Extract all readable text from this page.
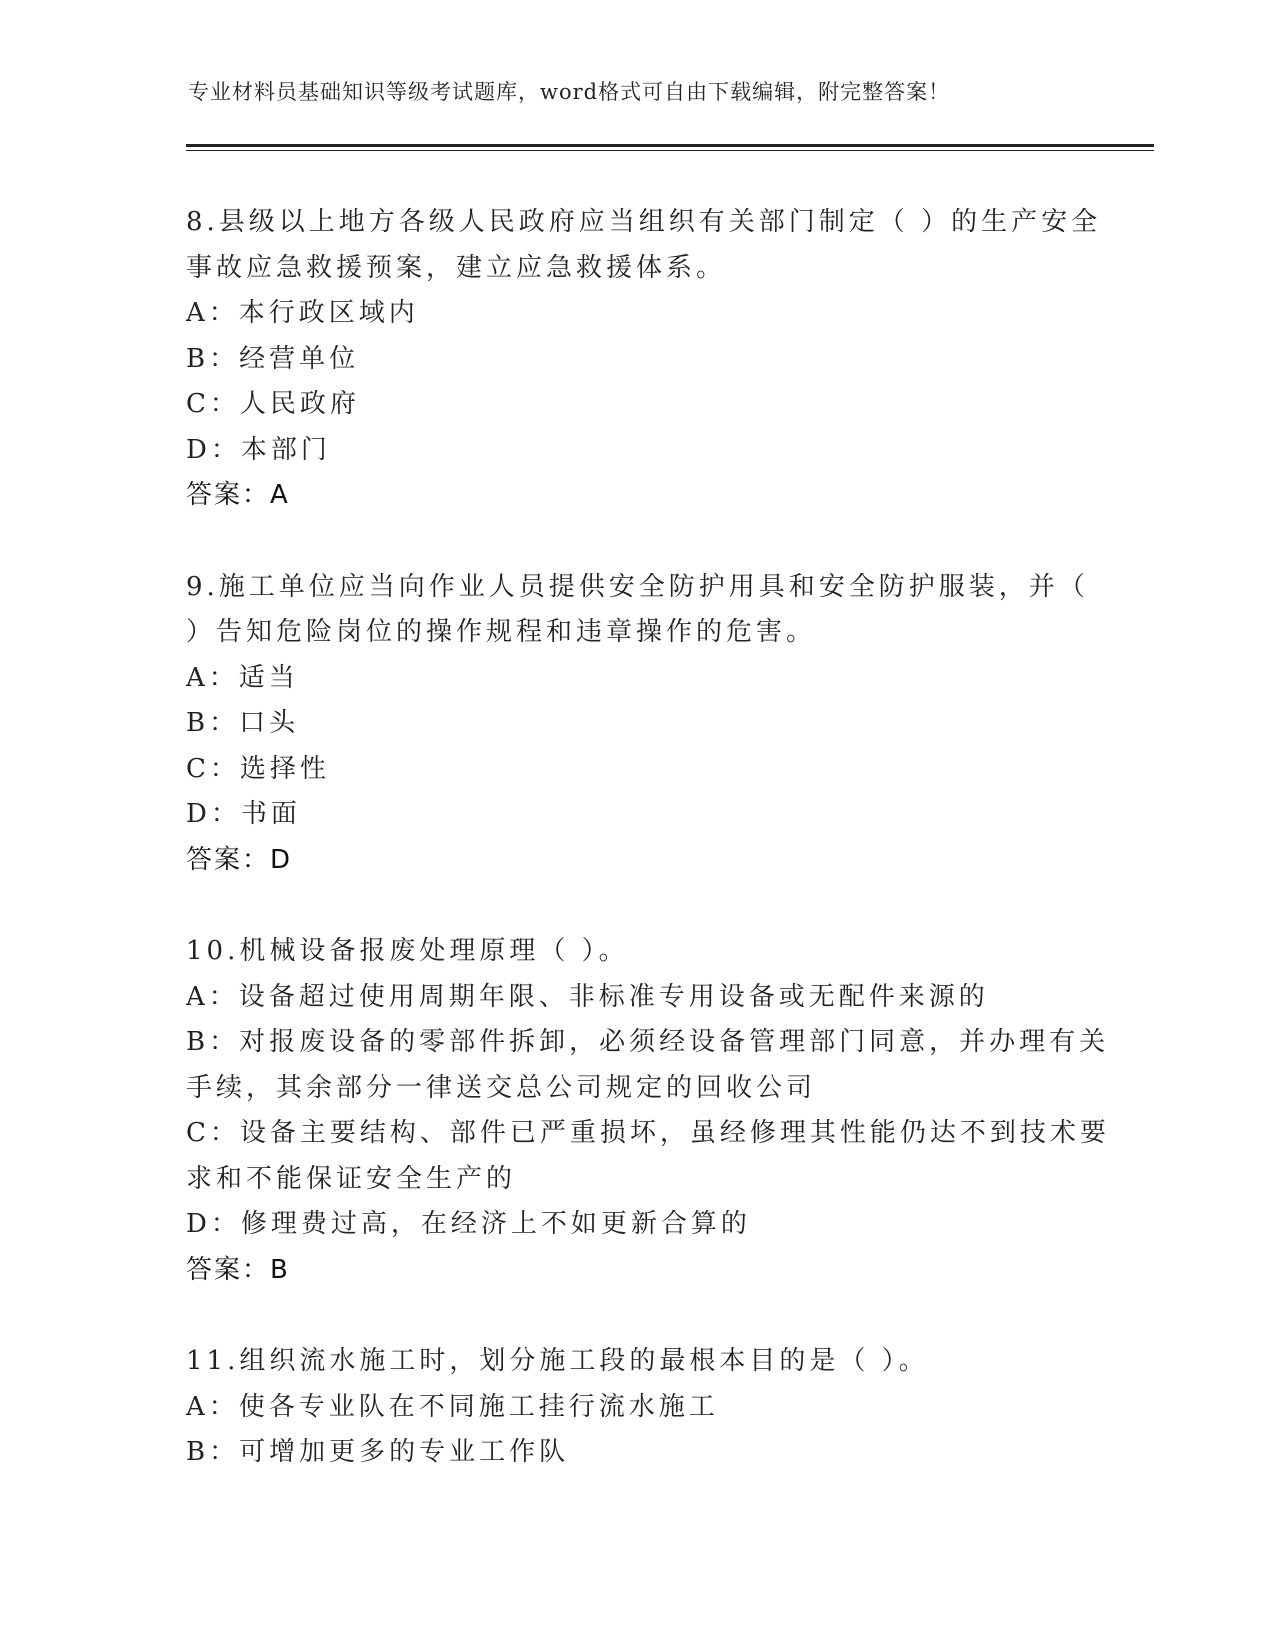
专业材料员基础知识等级考试题库，word格式可自由下载编辑，附完整答案！
8.县级以上地方各级人民政府应当组织有关部门制定（ ）的生产安全
事故应急救援预案，建立应急救援体系。
A：本行政区域内
B：经营单位
C：人民政府
D：本部门
答案：A
9.施工单位应当向作业人员提供安全防护用具和安全防护服装，并（
）告知危险岗位的操作规程和违章操作的危害。
A：适当
B：口头
C：选择性
D：书面
答案：D
10.机械设备报废处理原理（ ）。
A：设备超过使用周期年限、非标准专用设备或无配件来源的
B：对报废设备的零部件拆卸，必须经设备管理部门同意，并办理有关
手续，其余部分一律送交总公司规定的回收公司
C：设备主要结构、部件已严重损坏，虽经修理其性能仍达不到技术要
求和不能保证安全生产的
D：修理费过高，在经济上不如更新合算的
答案：B
11.组织流水施工时，划分施工段的最根本目的是（ ）。
A：使各专业队在不同施工挂行流水施工
B：可增加更多的专业工作队
